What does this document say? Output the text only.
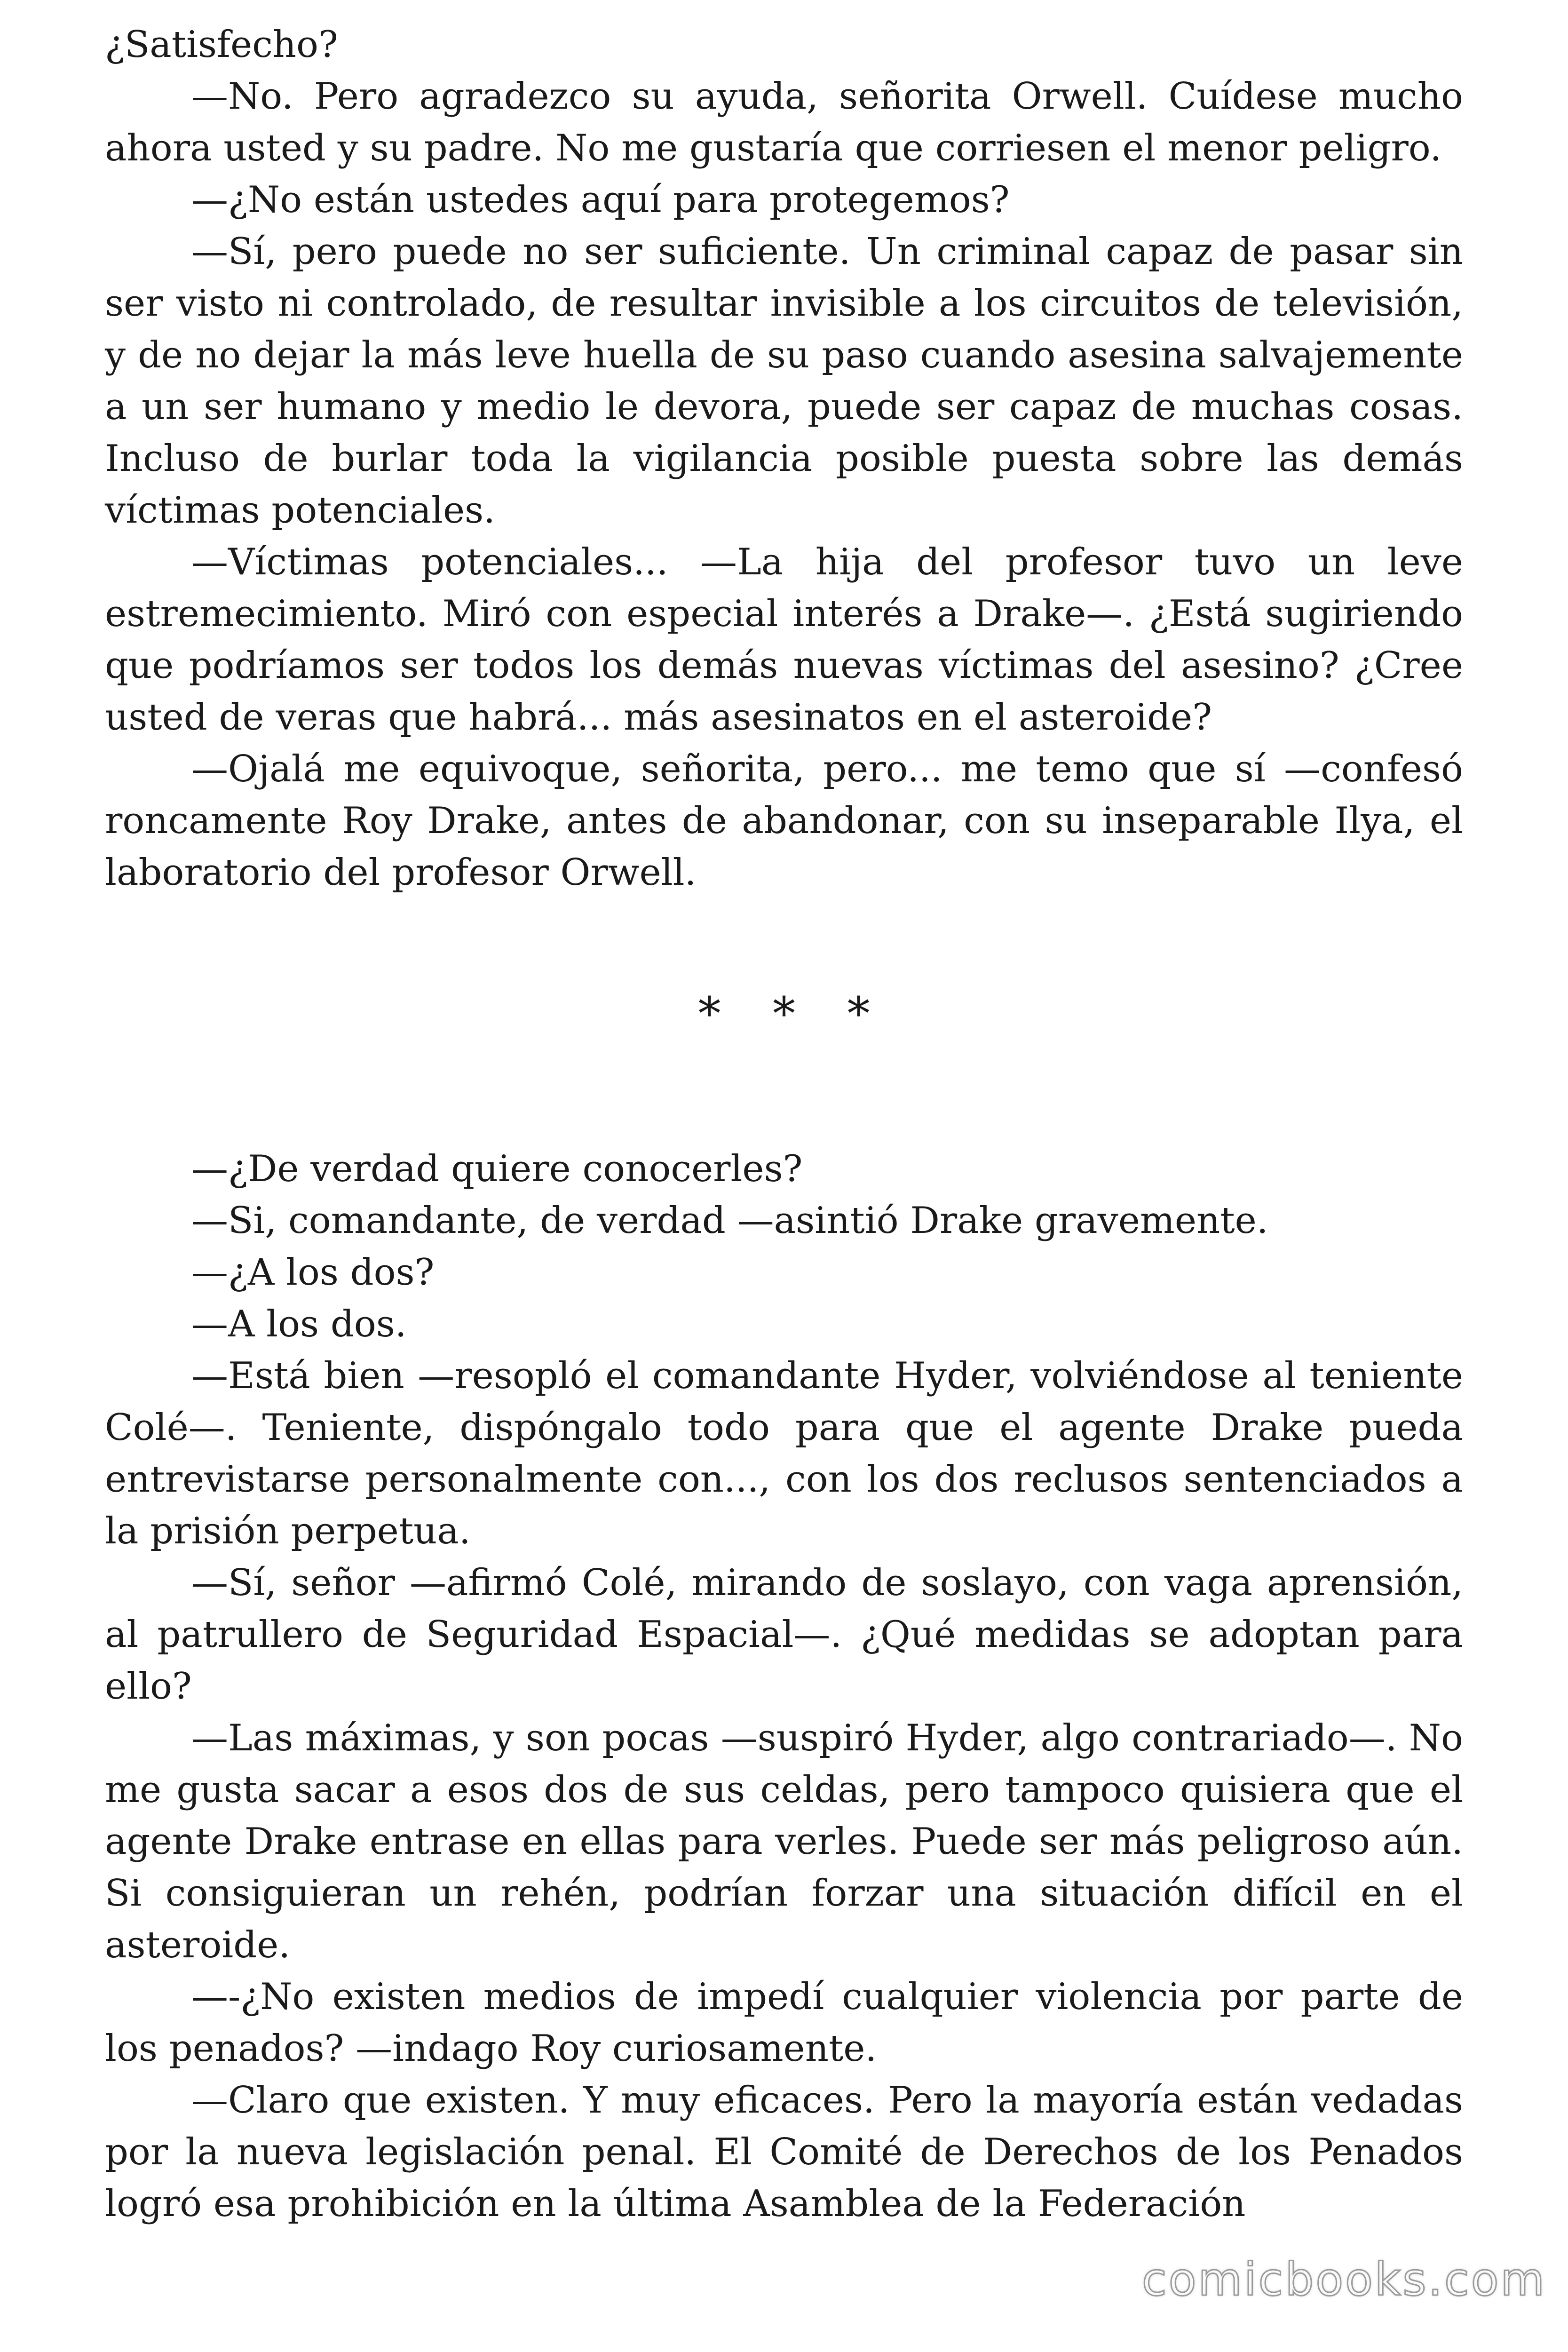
¿Satisfecho?

—No. Pero agradezco su ayuda, señorita Orwell. Cuídese mucho ahora usted y su padre. No me gustaría que corriesen el menor peligro.

—¿No están ustedes aquí para protegemos?

—Sí, pero puede no ser suficiente. Un criminal capaz de pasar sin ser visto ni controlado, de resultar invisible a los circuitos de televisión, y de no dejar la más leve huella de su paso cuando asesina salvajemente a un ser humano y medio le devora, puede ser capaz de muchas cosas. Incluso de burlar toda la vigilancia posible puesta sobre las demás víctimas potenciales.

—Víctimas potenciales... —La hija del profesor tuvo un leve estremecimiento. Miró con especial interés a Drake—. ¿Está sugiriendo que podríamos ser todos los demás nuevas víctimas del asesino? ¿Cree usted de veras que habrá... más asesinatos en el asteroide?

—Ojalá me equivoque, señorita, pero... me temo que sí —confesó roncamente Roy Drake, antes de abandonar, con su inseparable Ilya, el laboratorio del profesor Orwell.

* * *

—¿De verdad quiere conocerles?

—Si, comandante, de verdad —asintió Drake gravemente.

—¿A los dos?

—A los dos.

—Está bien —resopló el comandante Hyder, volviéndose al teniente Colé—. Teniente, dispóngalo todo para que el agente Drake pueda entrevistarse personalmente con..., con los dos reclusos sentenciados a la prisión perpetua.

—Sí, señor —afirmó Colé, mirando de soslayo, con vaga aprensión, al patrullero de Seguridad Espacial—. ¿Qué medidas se adoptan para ello?

—Las máximas, y son pocas —suspiró Hyder, algo contrariado—. No me gusta sacar a esos dos de sus celdas, pero tampoco quisiera que el agente Drake entrase en ellas para verles. Puede ser más peligroso aún. Si consiguieran un rehén, podrían forzar una situación difícil en el asteroide.

—-¿No existen medios de impedí cualquier violencia por parte de los penados? —indago Roy curiosamente.

—Claro que existen. Y muy eficaces. Pero la mayoría están vedadas por la nueva legislación penal. El Comité de Derechos de los Penados logró esa prohibición en la última Asamblea de la Federación

comicbooks.com
